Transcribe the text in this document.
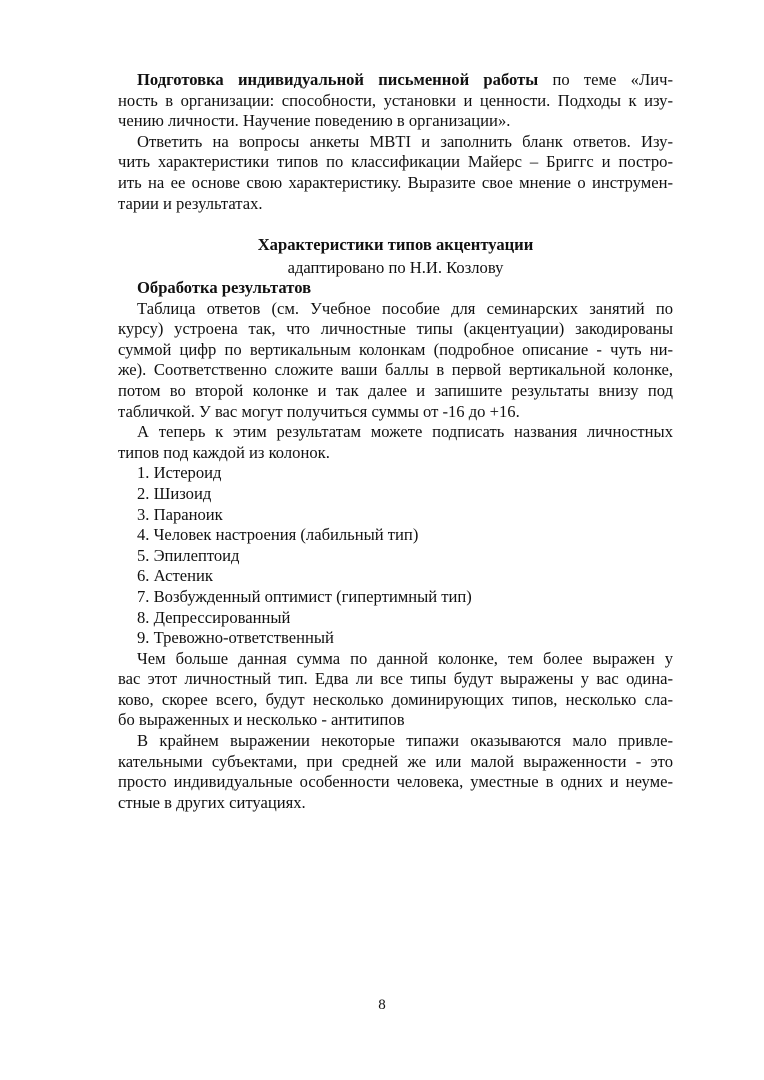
Подготовка индивидуальной письменной работы по теме «Лич-
ность в организации: способности, установки и ценности. Подходы к изу-
чению личности. Научение поведению в организации».
Ответить на вопросы анкеты MBTI и заполнить бланк ответов. Изу-
чить характеристики типов по классификации Майерс – Бриггс и постро-
ить на ее основе свою характеристику. Выразите свое мнение о инструмен-
тарии и результатах.
Характеристики типов акцентуации
адаптировано по Н.И. Козлову
Обработка результатов
Таблица ответов (см. Учебное пособие для семинарских занятий по
курсу) устроена так, что личностные типы (акцентуации) закодированы
суммой цифр по вертикальным колонкам (подробное описание - чуть ни-
же). Соответственно сложите ваши баллы в первой вертикальной колонке,
потом во второй колонке и так далее и запишите результаты внизу под
табличкой. У вас могут получиться суммы от -16 до +16.
А теперь к этим результатам можете подписать названия личностных
типов под каждой из колонок.
1. Истероид
2. Шизоид
3. Параноик
4. Человек настроения (лабильный тип)
5. Эпилептоид
6. Астеник
7. Возбужденный оптимист (гипертимный тип)
8. Депрессированный
9. Тревожно-ответственный
Чем больше данная сумма по данной колонке, тем более выражен у
вас этот личностный тип. Едва ли все типы будут выражены у вас одина-
ково, скорее всего, будут несколько доминирующих типов, несколько сла-
бо выраженных и несколько - антитипов
В крайнем выражении некоторые типажи оказываются мало привле-
кательными субъектами, при средней же или малой выраженности - это
просто индивидуальные особенности человека, уместные в одних и неуме-
стные в других ситуациях.
8
